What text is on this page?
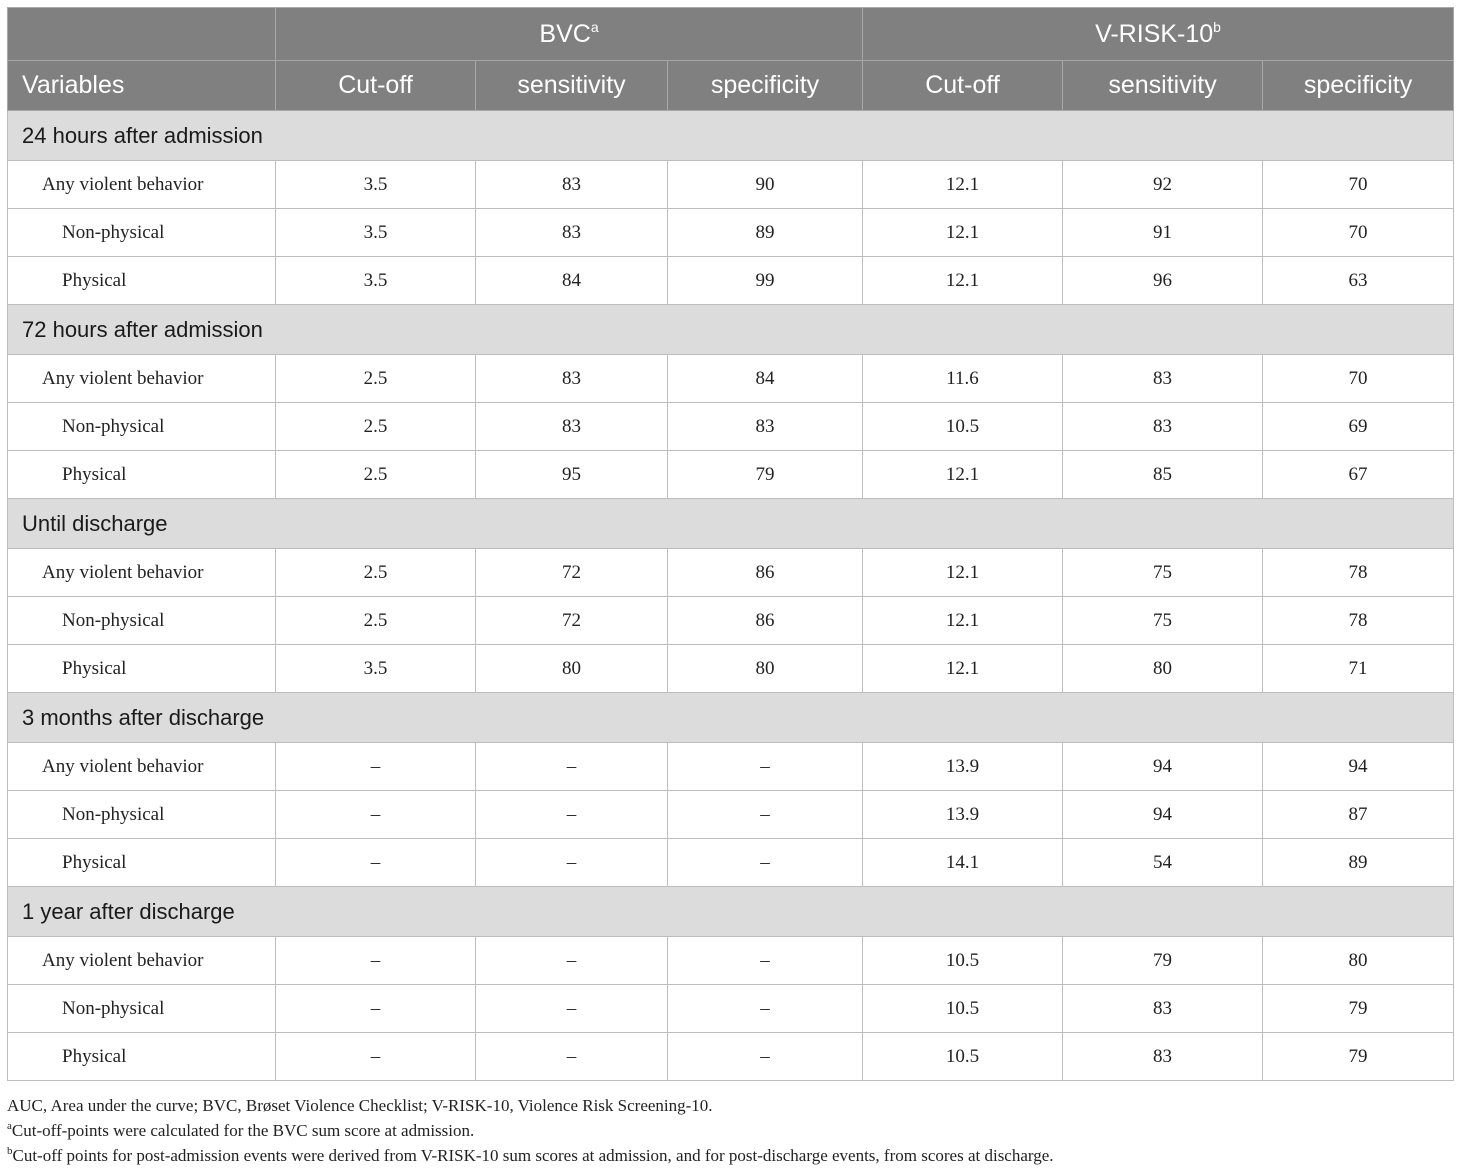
	BVC$^a$			V-RISK-10$^b$
Variables	Cut-off	sensitivity	specificity	Cut-off	sensitivity	specificity
24 hours after admission						
Any violent behavior	3.5	83	90	12.1	92	70
Non-physical	3.5	83	89	12.1	91	70
Physical	3.5	84	99	12.1	96	63
72 hours after admission						
Any violent behavior	2.5	83	84	11.6	83	70
Non-physical	2.5	83	83	10.5	83	69
Physical	2.5	95	79	12.1	85	67
Until discharge						
Any violent behavior	2.5	72	86	12.1	75	78
Non-physical	2.5	72	86	12.1	75	78
Physical	3.5	80	80	12.1	80	71
3 months after discharge						
Any violent behavior	–	–	–	13.9	94	94
Non-physical	–	–	–	13.9	94	87
Physical	–	–	–	14.1	54	89
1 year after discharge						
Any violent behavior	–	–	–	10.5	79	80
Non-physical	–	–	–	10.5	83	79
Physical	–	–	–	10.5	83	79
AUC, Area under the curve; BVC, Brøset Violence Checklist; V-RISK-10, Violence Risk Screening-10.
$^a$Cut-off-points were calculated for the BVC sum score at admission.
$^b$Cut-off points for post-admission events were derived from V-RISK-10 sum scores at admission, and for post-discharge events, from scores at discharge.
